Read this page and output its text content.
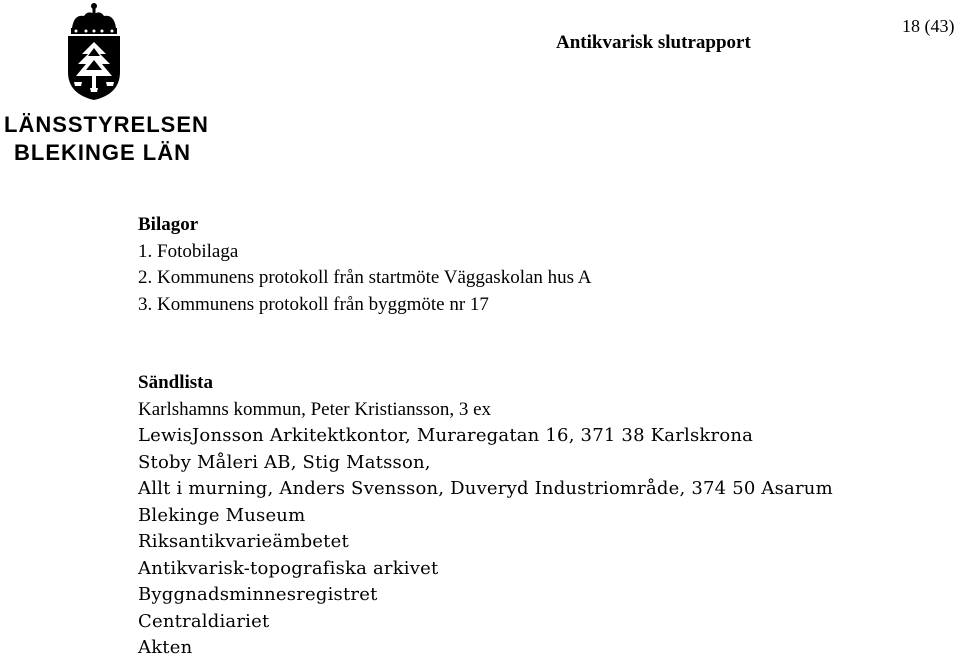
LÄNSSTYRELSEN
BLEKINGE LÄN
Antikvarisk slutrapport
18 (43)
Bilagor
1. Fotobilaga
2. Kommunens protokoll från startmöte Väggaskolan hus A
3. Kommunens protokoll från byggmöte nr 17
Sändlista
Karlshamns kommun, Peter Kristiansson, 3 ex
LewisJonsson Arkitektkontor, Muraregatan 16, 371 38 Karlskrona
Stoby Måleri AB, Stig Matsson,
Allt i murning, Anders Svensson, Duveryd Industriområde, 374 50 Asarum
Blekinge Museum
Riksantikvarieämbetet
Antikvarisk-topografiska arkivet
Byggnadsminnesregistret
Centraldiariet
Akten
